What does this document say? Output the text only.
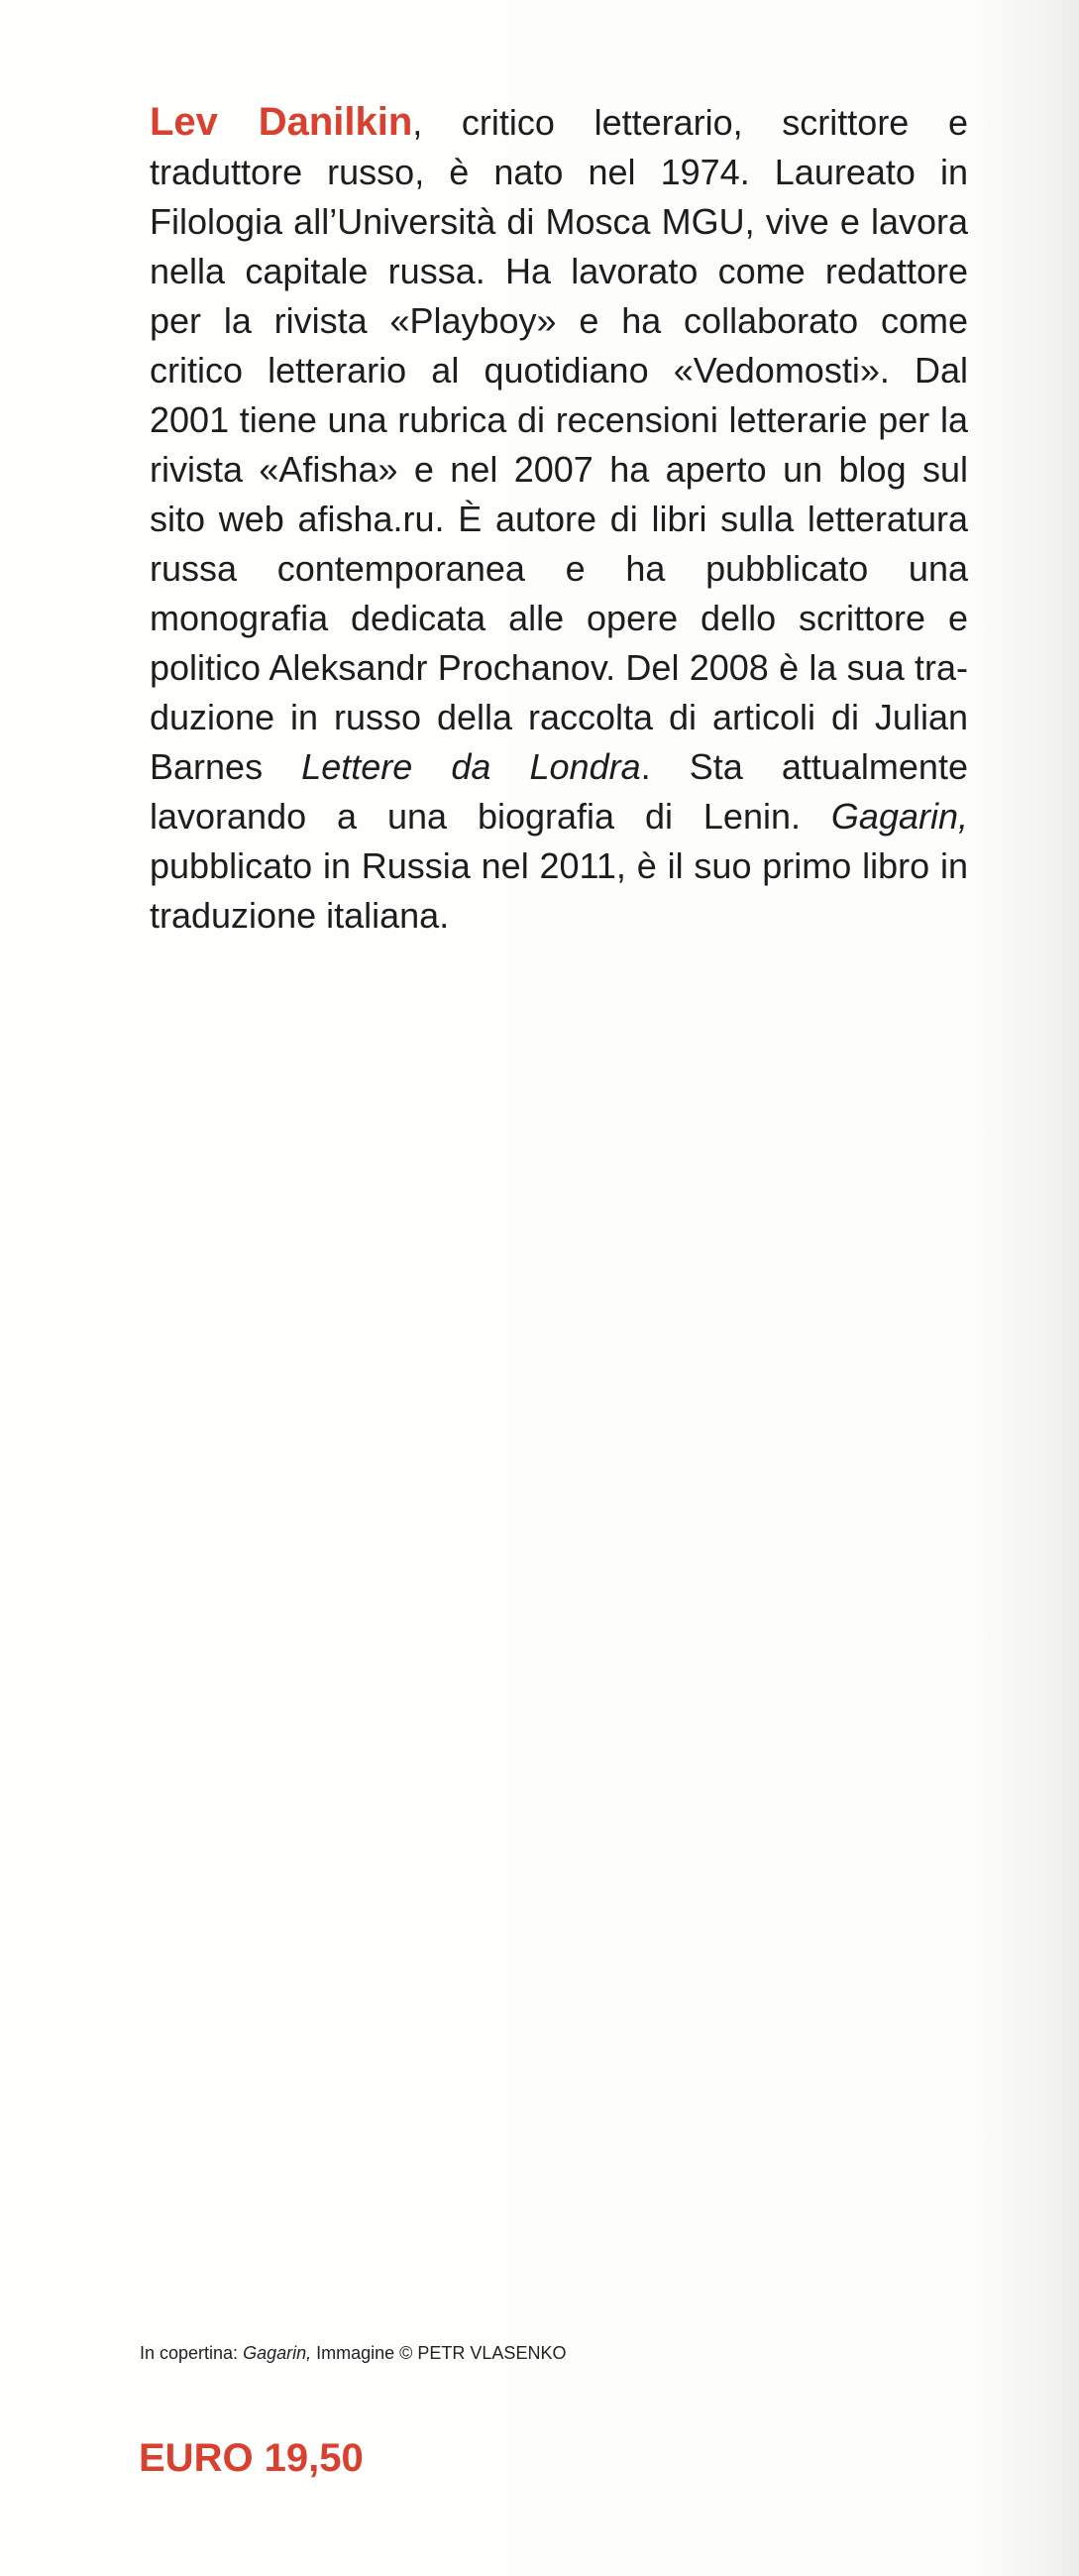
Lev Danilkin, critico letterario, scrittore e traduttore russo, è nato nel 1974. Laureato in Filologia all’Università di Mosca MGU, vive e lavora nella capitale russa. Ha lavorato come redattore per la rivista «Playboy» e ha collaborato come critico letterario al quotidiano «Vedomosti». Dal 2001 tiene una rubrica di recensioni letterarie per la rivista «Afisha» e nel 2007 ha aperto un blog sul sito web afisha.ru. È autore di libri sulla letteratura russa contemporanea e ha pubblicato una monografia dedicata alle opere dello scrittore e politico Aleksandr Prochanov. Del 2008 è la sua traduzione in russo della raccolta di articoli di Julian Barnes Lettere da Londra. Sta attualmente lavorando a una biografia di Lenin. Gagarin, pubblicato in Russia nel 2011, è il suo primo libro in traduzione italiana.

In copertina: Gagarin, Immagine © PETR VLASENKO
EURO 19,50
